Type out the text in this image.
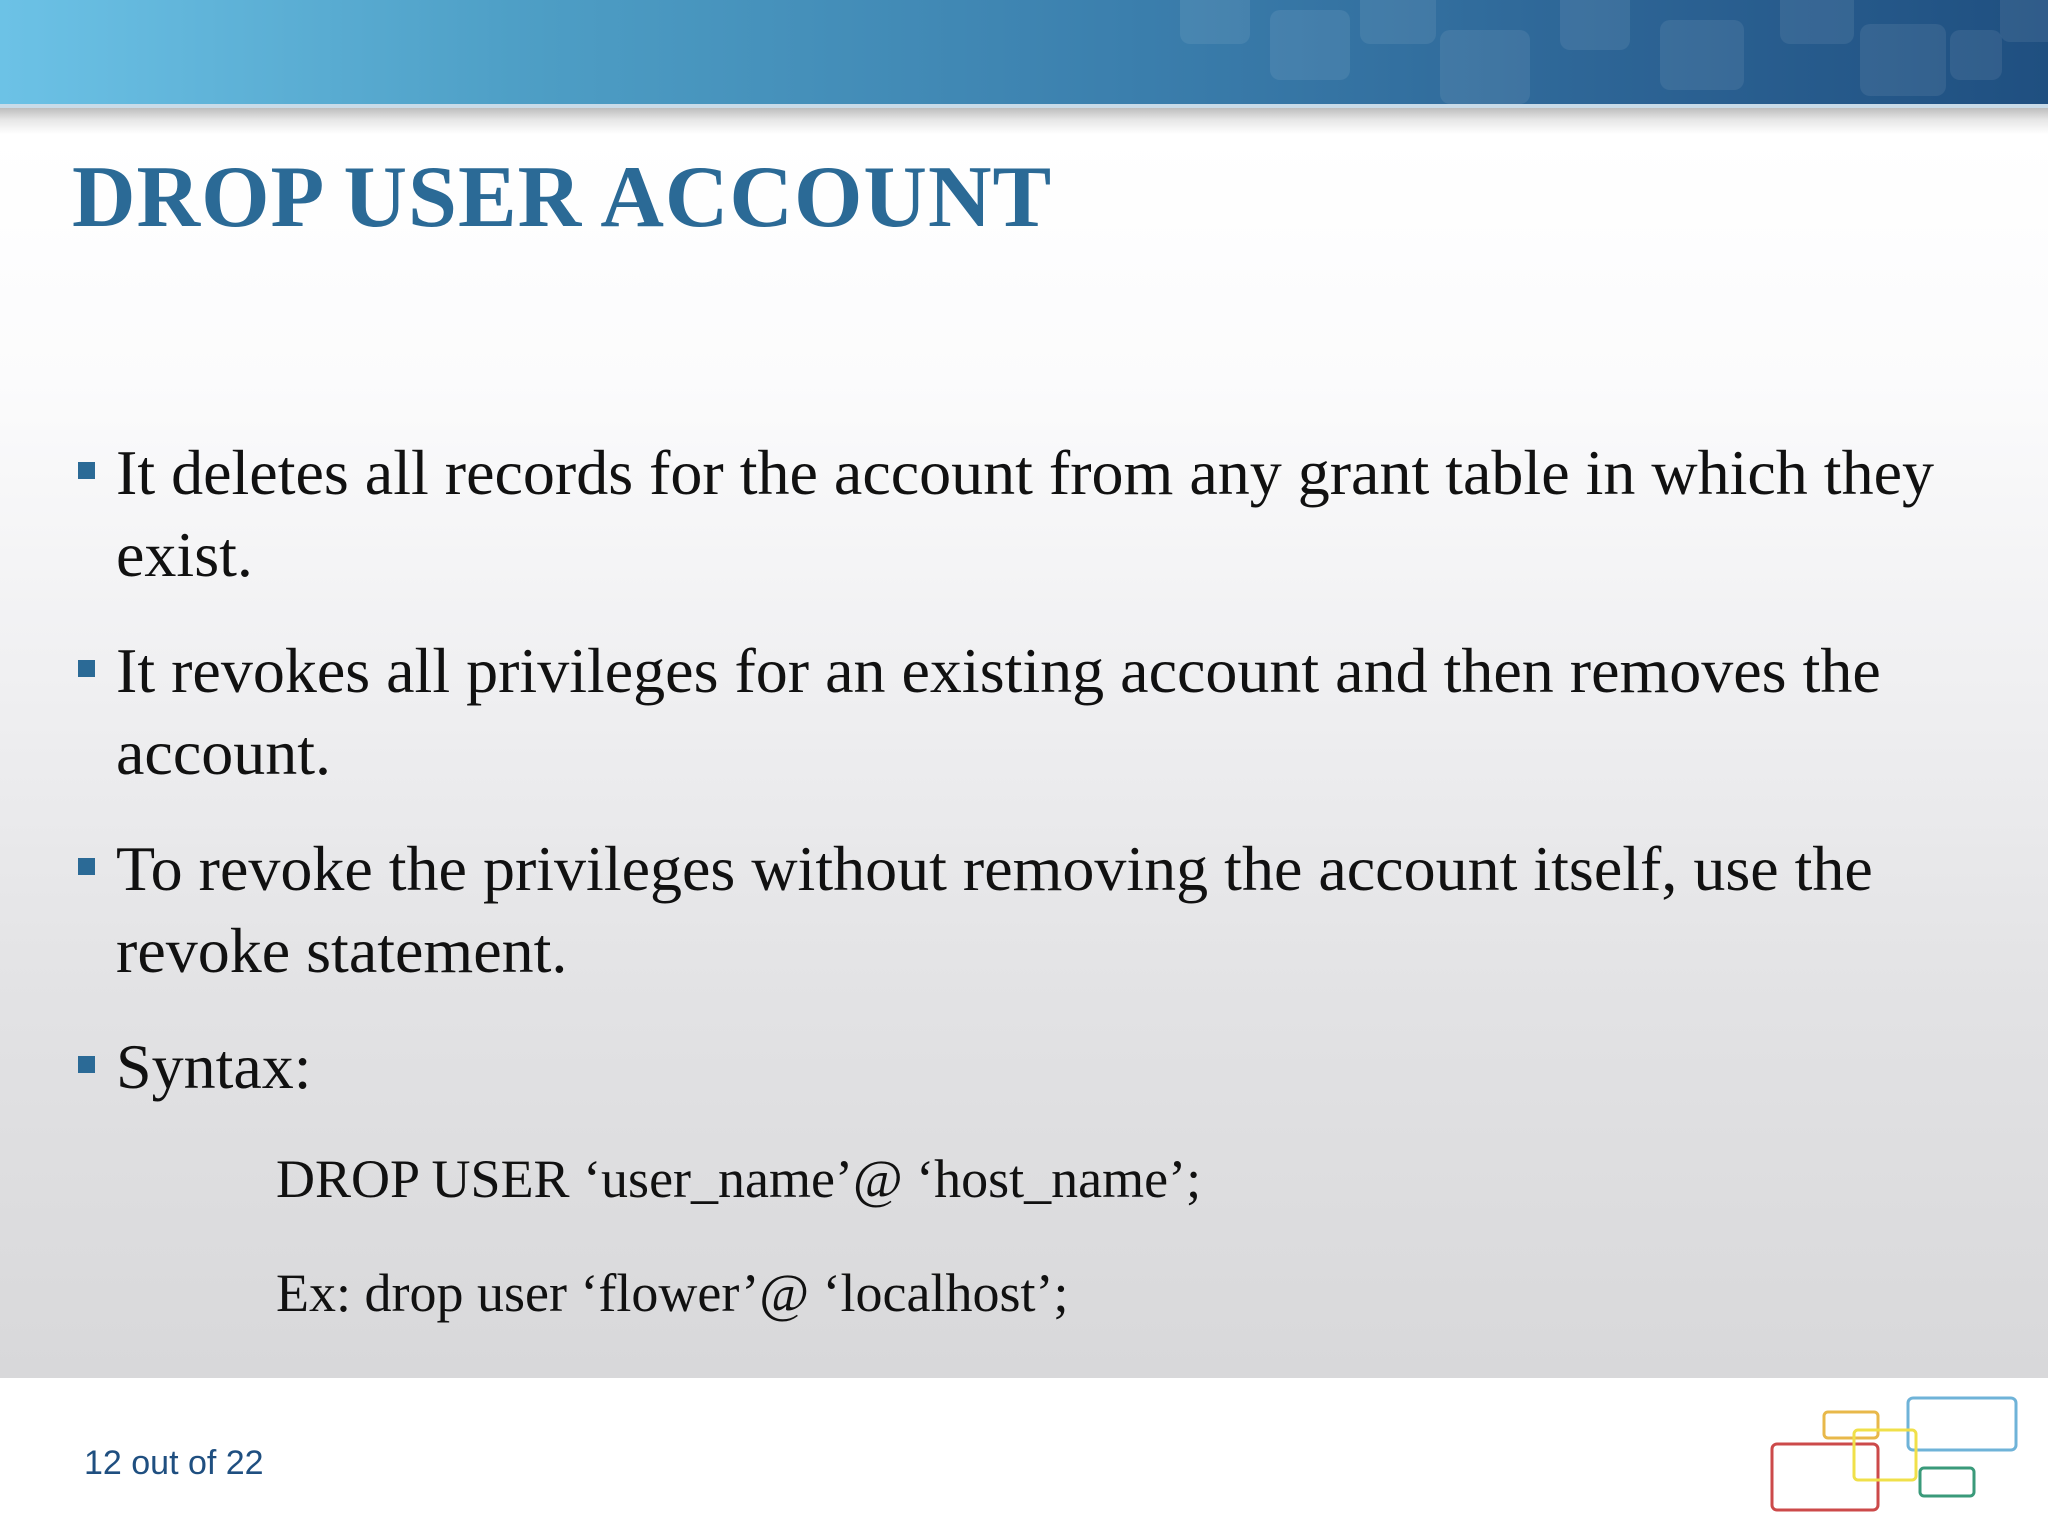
DROP USER ACCOUNT
It deletes all records for the account from any grant table in which they exist.
It revokes all privileges for an existing account and then removes the account.
To revoke the privileges without removing the account itself, use the revoke statement.
Syntax:

DROP USER ‘user_name’@ ‘host_name’;

Ex: drop user ‘flower’@ ‘localhost’;

12 out of 22
